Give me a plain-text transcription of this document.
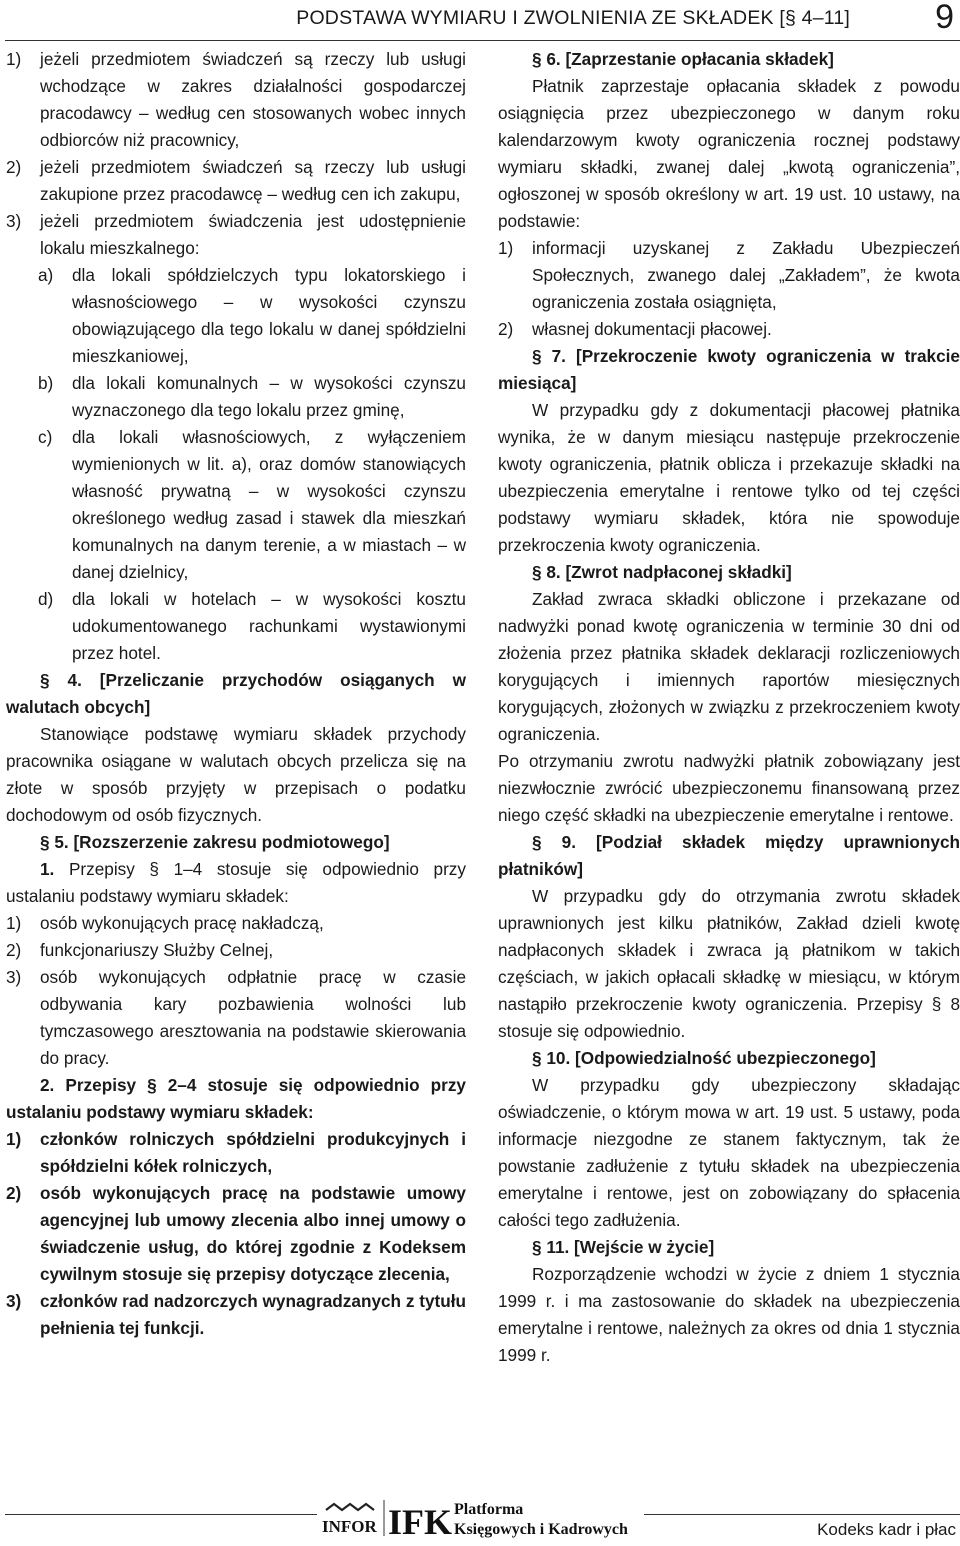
PODSTAWA WYMIARU I ZWOLNIENIA ZE SKŁADEK [§ 4–11]	9

1) jeżeli przedmiotem świadczeń są rzeczy lub usługi wchodzące w zakres działalności gospodarczej pracodawcy – według cen stosowanych wobec innych odbiorców niż pracownicy,

2) jeżeli przedmiotem świadczeń są rzeczy lub usługi zakupione przez pracodawcę – według cen ich zakupu,

3) jeżeli przedmiotem świadczenia jest udostępnienie lokalu mieszkalnego:

a) dla lokali spółdzielczych typu lokatorskiego i własnościowego – w wysokości czynszu obowiązującego dla tego lokalu w danej spółdzielni mieszkaniowej,

b) dla lokali komunalnych – w wysokości czynszu wyznaczonego dla tego lokalu przez gminę,

c) dla lokali własnościowych, z wyłączeniem wymienionych w lit. a), oraz domów stanowiących własność prywatną – w wysokości czynszu określonego według zasad i stawek dla mieszkań komunalnych na danym terenie, a w miastach – w danej dzielnicy,

d) dla lokali w hotelach – w wysokości kosztu udokumentowanego rachunkami wystawionymi przez hotel.

§ 4. [Przeliczanie przychodów osiąganych w walutach obcych]

Stanowiące podstawę wymiaru składek przychody pracownika osiągane w walutach obcych przelicza się na złote w sposób przyjęty w przepisach o podatku dochodowym od osób fizycznych.

§ 5. [Rozszerzenie zakresu podmiotowego]

1. Przepisy § 1–4 stosuje się odpowiednio przy ustalaniu podstawy wymiaru składek:

1) osób wykonujących pracę nakładczą,

2) funkcjonariuszy Służby Celnej,

3) osób wykonujących odpłatnie pracę w czasie odbywania kary pozbawienia wolności lub tymczasowego aresztowania na podstawie skierowania do pracy.

2. Przepisy § 2–4 stosuje się odpowiednio przy ustalaniu podstawy wymiaru składek:

1) członków rolniczych spółdzielni produkcyjnych i spółdzielni kółek rolniczych,

2) osób wykonujących pracę na podstawie umowy agencyjnej lub umowy zlecenia albo innej umowy o świadczenie usług, do której zgodnie z Kodeksem cywilnym stosuje się przepisy dotyczące zlecenia,

3) członków rad nadzorczych wynagradzanych z tytułu pełnienia tej funkcji.

§ 6. [Zaprzestanie opłacania składek]

Płatnik zaprzestaje opłacania składek z powodu osiągnięcia przez ubezpieczonego w danym roku kalendarzowym kwoty ograniczenia rocznej podstawy wymiaru składki, zwanej dalej „kwotą ograniczenia”, ogłoszonej w sposób określony w art. 19 ust. 10 ustawy, na podstawie:

1) informacji uzyskanej z Zakładu Ubezpieczeń Społecznych, zwanego dalej „Zakładem”, że kwota ograniczenia została osiągnięta,

2) własnej dokumentacji płacowej.

§ 7. [Przekroczenie kwoty ograniczenia w trakcie miesiąca]

W przypadku gdy z dokumentacji płacowej płatnika wynika, że w danym miesiącu następuje przekroczenie kwoty ograniczenia, płatnik oblicza i przekazuje składki na ubezpieczenia emerytalne i rentowe tylko od tej części podstawy wymiaru składek, która nie spowoduje przekroczenia kwoty ograniczenia.

§ 8. [Zwrot nadpłaconej składki]

Zakład zwraca składki obliczone i przekazane od nadwyżki ponad kwotę ograniczenia w terminie 30 dni od złożenia przez płatnika składek deklaracji rozliczeniowych korygujących i imiennych raportów miesięcznych korygujących, złożonych w związku z przekroczeniem kwoty ograniczenia.

Po otrzymaniu zwrotu nadwyżki płatnik zobowiązany jest niezwłocznie zwrócić ubezpieczonemu finansowaną przez niego część składki na ubezpieczenie emerytalne i rentowe.

§ 9. [Podział składek między uprawnionych płatników]

W przypadku gdy do otrzymania zwrotu składek uprawnionych jest kilku płatników, Zakład dzieli kwotę nadpłaconych składek i zwraca ją płatnikom w takich częściach, w jakich opłacali składkę w miesiącu, w którym nastąpiło przekroczenie kwoty ograniczenia. Przepisy § 8 stosuje się odpowiednio.

§ 10. [Odpowiedzialność ubezpieczonego]

W przypadku gdy ubezpieczony składając oświadczenie, o którym mowa w art. 19 ust. 5 ustawy, poda informacje niezgodne ze stanem faktycznym, tak że powstanie zadłużenie z tytułu składek na ubezpieczenia emerytalne i rentowe, jest on zobowiązany do spłacenia całości tego zadłużenia.

§ 11. [Wejście w życie]

Rozporządzenie wchodzi w życie z dniem 1 stycznia 1999 r. i ma zastosowanie do składek na ubezpieczenia emerytalne i rentowe, należnych za okres od dnia 1 stycznia 1999 r.

INFOR IFK Platforma
Księgowych i Kadrowych	Kodeks kadr i płac
